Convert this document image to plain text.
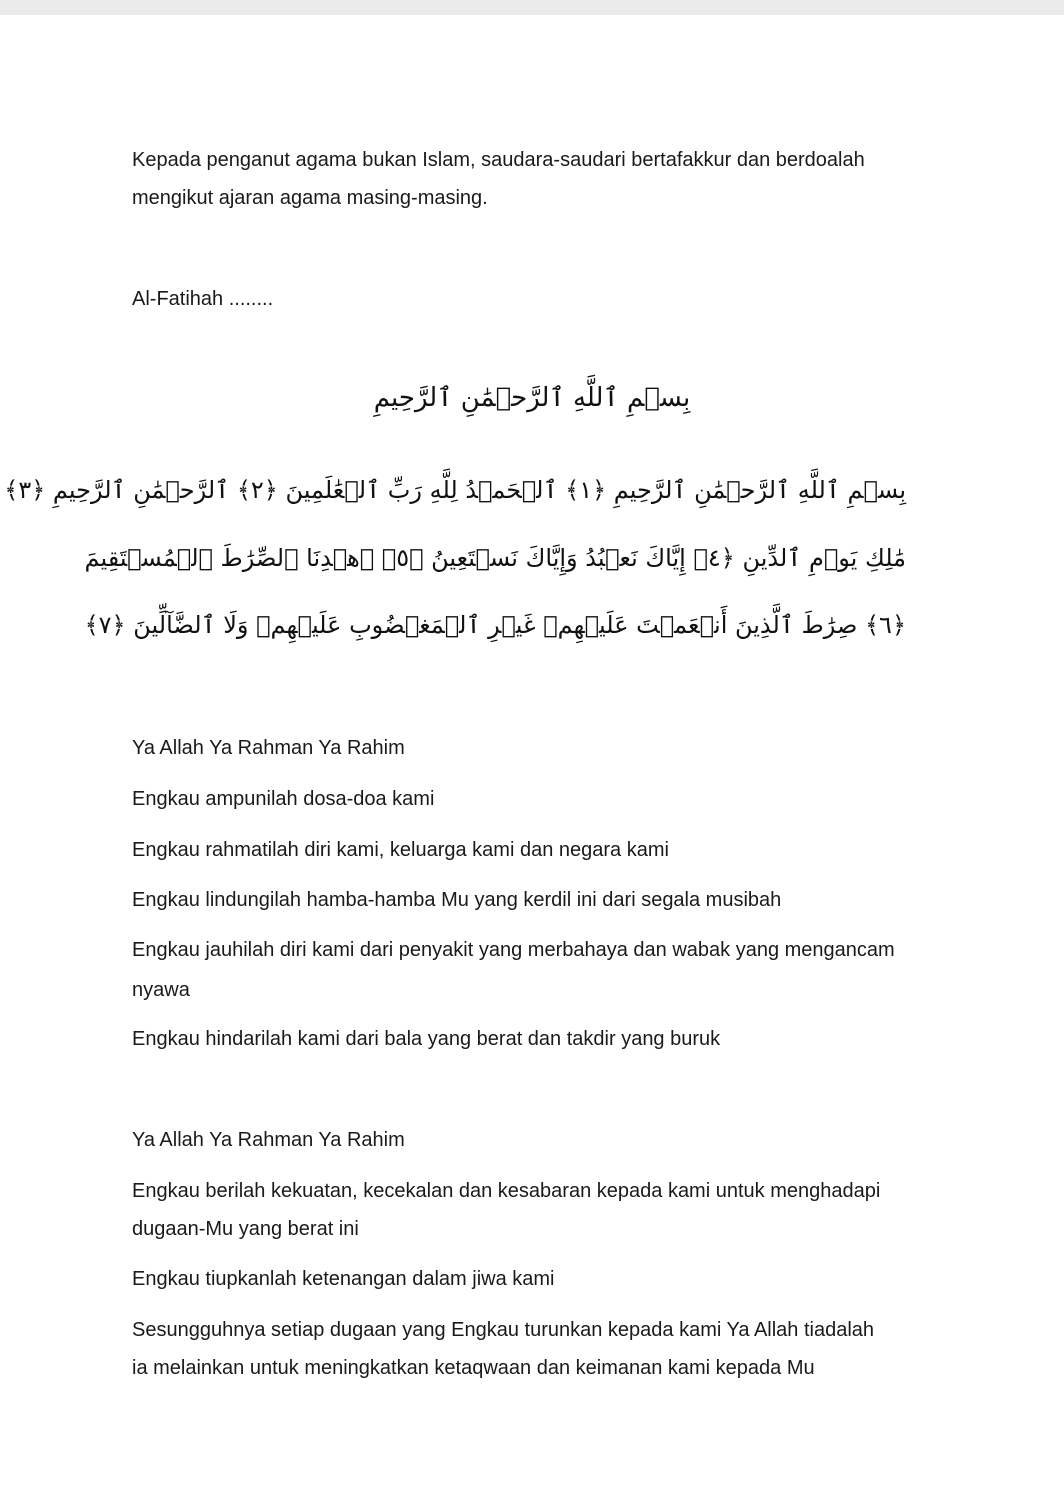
Kepada penganut agama bukan Islam, saudara-saudari bertafakkur dan berdoalah

mengikut ajaran agama masing-masing.

Al-Fatihah ........

بِسۡمِ ٱللَّهِ ٱلرَّحۡمَٰنِ ٱلرَّحِيمِ
بِسۡمِ ٱللَّهِ ٱلرَّحۡمَٰنِ ٱلرَّحِيمِ ﴿١﴾ ٱلۡحَمۡدُ لِلَّهِ رَبِّ ٱلۡعَٰلَمِينَ ﴿٢﴾ ٱلرَّحۡمَٰنِ ٱلرَّحِيمِ ﴿٣﴾
مَٰلِكِ يَوۡمِ ٱلدِّينِ ﴿٤﴾ إِيَّاكَ نَعۡبُدُ وَإِيَّاكَ نَسۡتَعِينُ ﴿٥﴾ ٱهۡدِنَا ٱلصِّرَٰطَ ٱلۡمُسۡتَقِيمَ
﴿٦﴾ صِرَٰطَ ٱلَّذِينَ أَنۡعَمۡتَ عَلَيۡهِمۡ غَيۡرِ ٱلۡمَغۡضُوبِ عَلَيۡهِمۡ وَلَا ٱلضَّآلِّينَ ﴿٧﴾

Ya Allah Ya Rahman Ya Rahim

Engkau ampunilah dosa-doa kami

Engkau rahmatilah diri kami, keluarga kami dan negara kami

Engkau lindungilah hamba-hamba Mu yang kerdil ini dari segala musibah

Engkau jauhilah diri kami dari penyakit yang merbahaya dan wabak yang mengancam

nyawa

Engkau hindarilah kami dari bala yang berat dan takdir yang buruk

Ya Allah Ya Rahman Ya Rahim

Engkau berilah kekuatan, kecekalan dan kesabaran kepada kami untuk menghadapi

dugaan-Mu yang berat ini

Engkau tiupkanlah ketenangan dalam jiwa kami

Sesungguhnya setiap dugaan yang Engkau turunkan kepada kami Ya Allah tiadalah

ia melainkan untuk meningkatkan ketaqwaan dan keimanan kami kepada Mu
